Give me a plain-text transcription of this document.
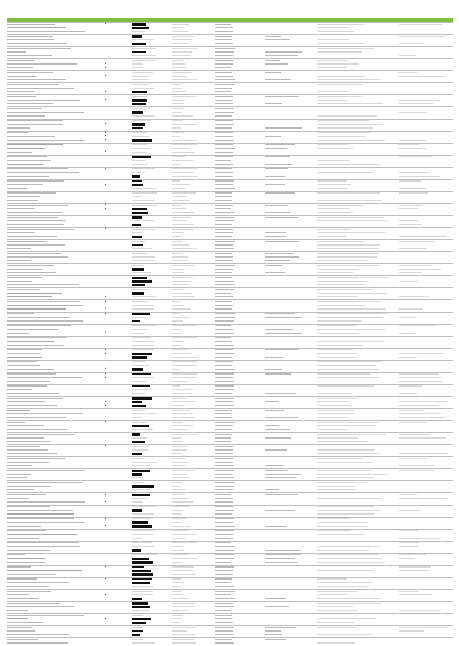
▸
▸
▸
▸
▸
▸
▸
▸
▸
▸
▸
▸
▸
▸
▸
▸
▸
▸
▸
▸
▸
▸
▸
▸
▸
▸
▸
▸
▸
▸
▸
▸
▸
▸
▸
▸
▸
▸
